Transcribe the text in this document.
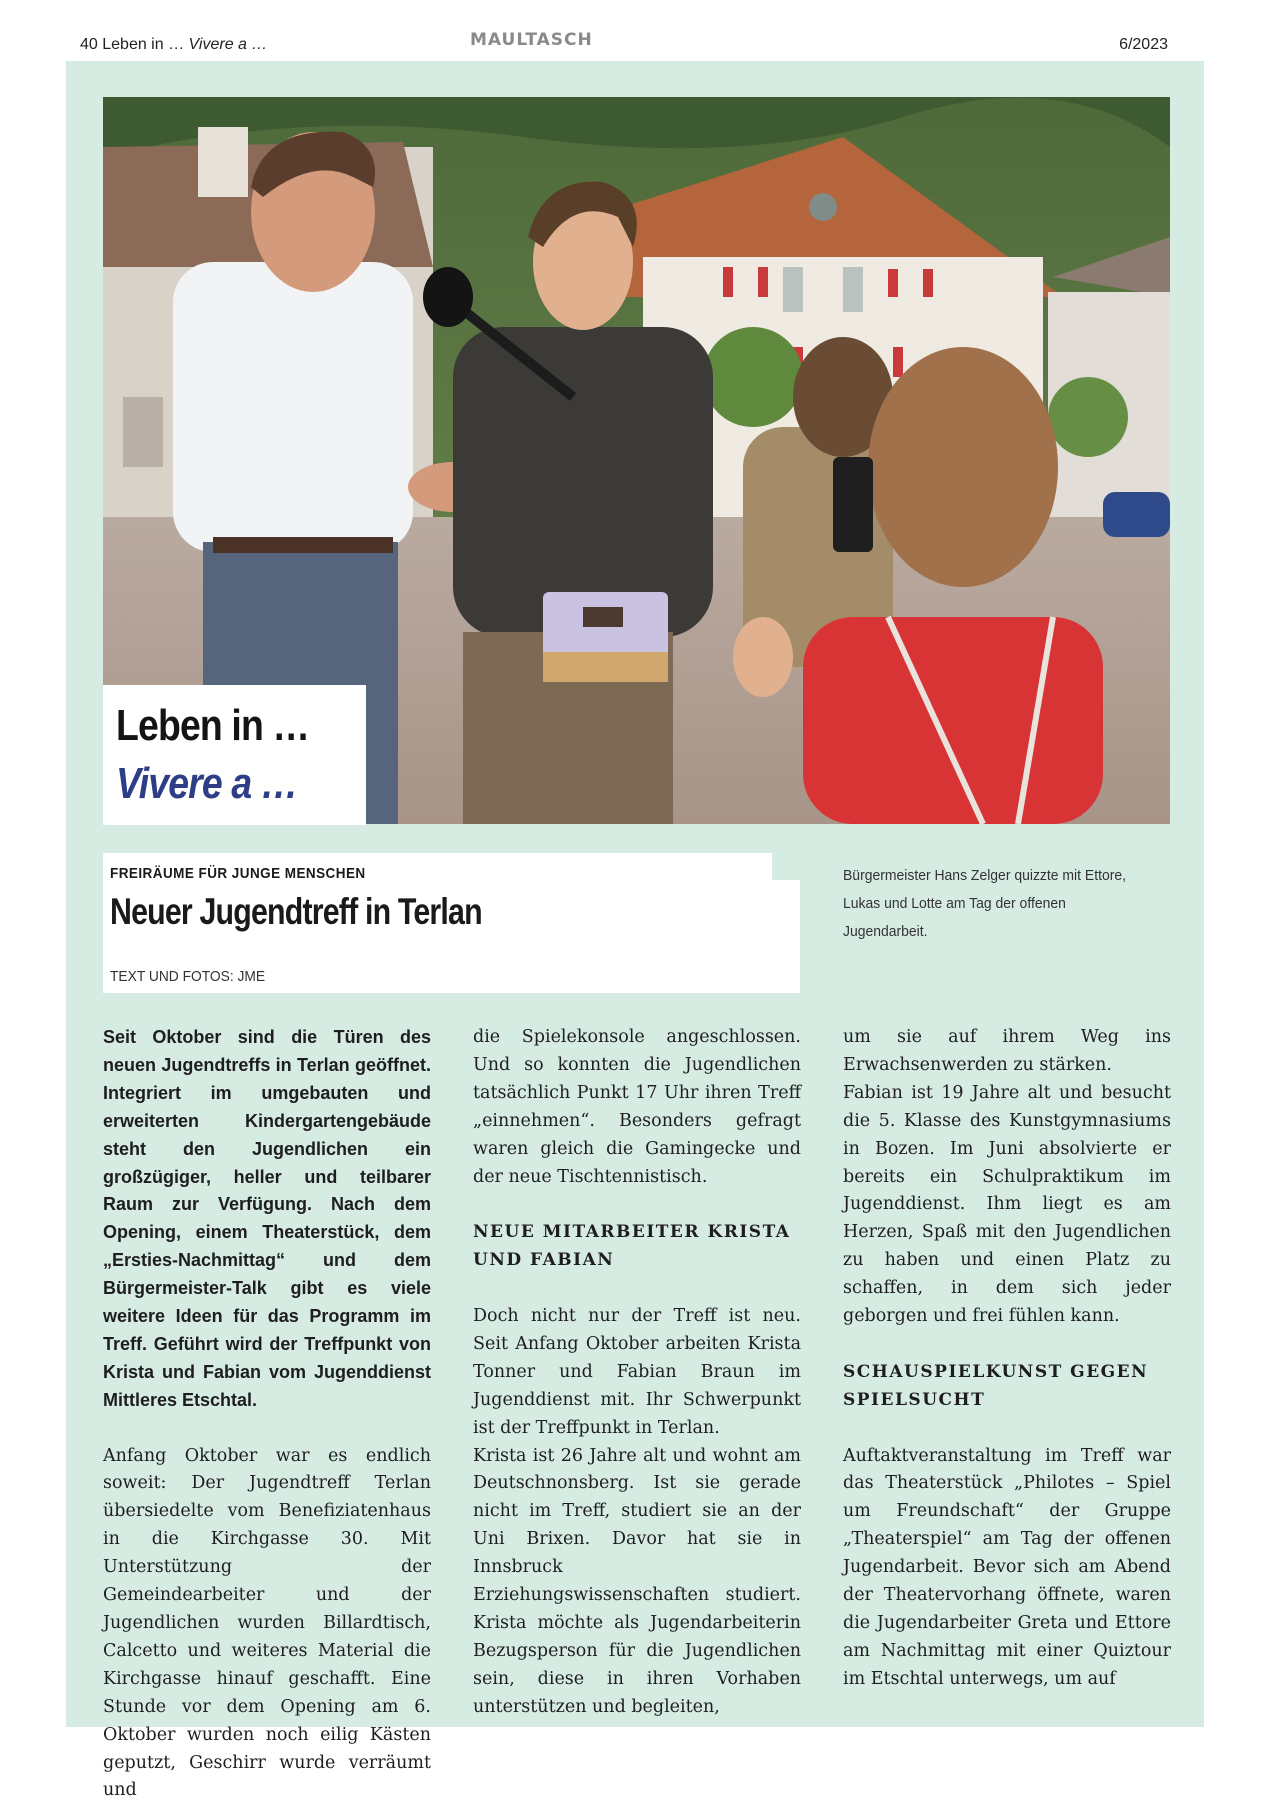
40 Leben in … Vivere a …	MAULTASCH	6/2023
Leben in …
Vivere a …
FREIRÄUME FÜR JUNGE MENSCHEN
Neuer Jugendtreff in Terlan
TEXT UND FOTOS: JME
Bürgermeister Hans Zelger quizzte mit Ettore, Lukas und Lotte am Tag der offenen Jugendarbeit.

Seit Oktober sind die Türen des neuen Jugendtreffs in Terlan geöffnet. Integriert im umgebauten und erweiterten Kindergartengebäude steht den Jugendlichen ein großzügiger, heller und teilbarer Raum zur Verfügung. Nach dem Opening, einem Theaterstück, dem „Ersties-Nachmittag“ und dem Bürgermeister-Talk gibt es viele weitere Ideen für das Programm im Treff. Geführt wird der Treffpunkt von Krista und Fabian vom Jugenddienst Mittleres Etschtal.

Anfang Oktober war es endlich soweit: Der Jugendtreff Terlan übersiedelte vom Benefiziatenhaus in die Kirchgasse 30. Mit Unterstützung der Gemeindearbeiter und der Jugendlichen wurden Billardtisch, Calcetto und weiteres Material die Kirchgasse hinauf geschafft. Eine Stunde vor dem Opening am 6. Oktober wurden noch eilig Kästen geputzt, Geschirr wurde verräumt und

die Spielekonsole angeschlossen. Und so konnten die Jugendlichen tatsächlich Punkt 17 Uhr ihren Treff „einnehmen“. Besonders gefragt waren gleich die Gamingecke und der neue Tischtennistisch.

NEUE MITARBEITER KRISTA UND FABIAN

Doch nicht nur der Treff ist neu. Seit Anfang Oktober arbeiten Krista Tonner und Fabian Braun im Jugenddienst mit. Ihr Schwerpunkt ist der Treffpunkt in Terlan.

Krista ist 26 Jahre alt und wohnt am Deutschnonsberg. Ist sie gerade nicht im Treff, studiert sie an der Uni Brixen. Davor hat sie in Innsbruck Erziehungswissenschaften studiert. Krista möchte als Jugendarbeiterin Bezugsperson für die Jugendlichen sein, diese in ihren Vorhaben unterstützen und begleiten,

um sie auf ihrem Weg ins Erwachsenwerden zu stärken.

Fabian ist 19 Jahre alt und besucht die 5. Klasse des Kunstgymnasiums in Bozen. Im Juni absolvierte er bereits ein Schulpraktikum im Jugenddienst. Ihm liegt es am Herzen, Spaß mit den Jugendlichen zu haben und einen Platz zu schaffen, in dem sich jeder geborgen und frei fühlen kann.

SCHAUSPIELKUNST GEGEN SPIELSUCHT

Auftaktveranstaltung im Treff war das Theaterstück „Philotes – Spiel um Freundschaft“ der Gruppe „Theaterspiel“ am Tag der offenen Jugendarbeit. Bevor sich am Abend der Theatervorhang öffnete, waren die Jugendarbeiter Greta und Ettore am Nachmittag mit einer Quiztour im Etschtal unterwegs, um auf
